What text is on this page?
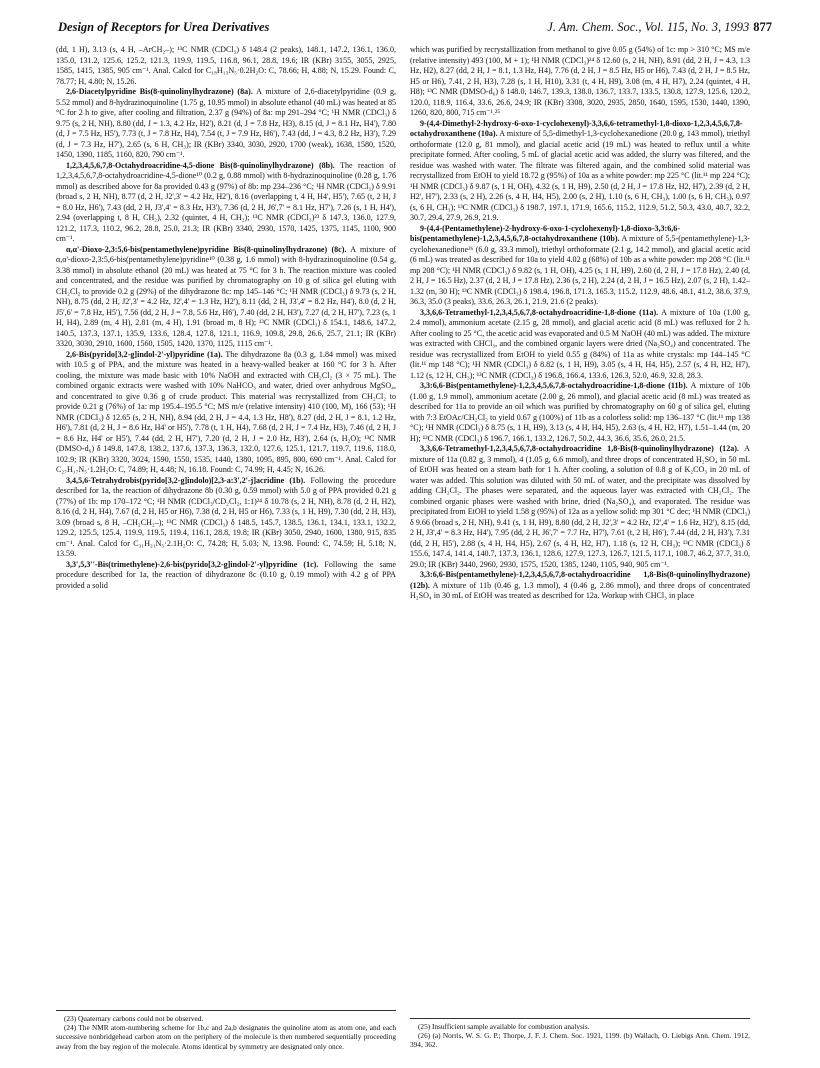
Design of Receptors for Urea Derivatives	J. Am. Chem. Soc., Vol. 115, No. 3, 1993 877

(dd, 1 H), 3.13 (s, 4 H, –ArCH₂–); ¹³C NMR (CDCl₃) δ 148.4 (2 peaks), 148.1, 147.2, 136.1, 136.0, 135.0, 131.2, 125.6, 125.2, 121.3, 119.9, 119.5, 116.8, 96.1, 28.8, 19.6; IR (KBr) 3155, 3055, 2925, 1585, 1415, 1385, 905 cm⁻¹. Anal. Calcd for C₁₈H₁₃N₅·0.2H₂O: C, 78.66; H, 4.88; N, 15.29. Found: C, 78.77; H, 4.80; N, 15.26.

2,6-Diacetylpyridine Bis(8-quinolinylhydrazone) (8a). A mixture of 2,6-diacetylpyridine (0.9 g, 5.52 mmol) and 8-hydrazinoquinoline (1.75 g, 10.95 mmol) in absolute ethanol (40 mL) was heated at 85 °C for 2 h to give, after cooling and filtration, 2.37 g (94%) of 8a: mp 291–294 °C; ¹H NMR (CDCl₃) δ 9.75 (s, 2 H, NH), 8.80 (dd, J = 1.3, 4.2 Hz, H2'), 8.21 (d, J = 7.8 Hz, H3), 8.15 (d, J = 8.1 Hz, H4'), 7.80 (d, J = 7.5 Hz, H5'), 7.73 (t, J = 7.8 Hz, H4), 7.54 (t, J = 7.9 Hz, H6'), 7.43 (dd, J = 4.3, 8.2 Hz, H3'), 7.29 (d, J = 7.3 Hz, H7'), 2.65 (s, 6 H, CH₃); IR (KBr) 3340, 3030, 2920, 1700 (weak), 1638, 1580, 1520, 1450, 1390, 1185, 1160, 820, 790 cm⁻¹.

1,2,3,4,5,6,7,8-Octahydroacridine-4,5-dione Bis(8-quinolinylhydrazone) (8b). The reaction of 1,2,3,4,5,6,7,8-octahydroacridine-4,5-dione¹⁰ (0.2 g, 0.88 mmol) with 8-hydrazinoquinoline (0.28 g, 1.76 mmol) as described above for 8a provided 0.43 g (97%) of 8b: mp 234–236 °C; ¹H NMR (CDCl₃) δ 9.91 (broad s, 2 H, NH), 8.77 (d, 2 H, J2',3' = 4.2 Hz, H2'), 8.16 (overlapping t, 4 H, H4', H5'), 7.65 (t, 2 H, J = 8.0 Hz, H6'), 7.43 (dd, 2 H, J3',4' = 8.3 Hz, H3'), 7.36 (d, 2 H, J6',7' = 8.1 Hz, H7'), 7.26 (s, 1 H, H4'), 2.94 (overlapping t, 8 H, CH₂), 2.32 (quintet, 4 H, CH₂); ¹³C NMR (CDCl₃)²³ δ 147.3, 136.0, 127.9, 121.2, 117.3, 110.2, 96.2, 28.8, 25.0, 21.3; IR (KBr) 3340, 2930, 1570, 1425, 1375, 1145, 1100, 900 cm⁻¹.

α,α'-Dioxo-2,3:5,6-bis(pentamethylene)pyridine Bis(8-quinolinylhydrazone) (8c). A mixture of α,α'-dioxo-2,3:5,6-bis(pentamethylene)pyridine¹⁰ (0.38 g, 1.6 mmol) with 8-hydrazinoquinoline (0.54 g, 3.38 mmol) in absolute ethanol (20 mL) was heated at 75 °C for 3 h. The reaction mixture was cooled and concentrated, and the residue was purified by chromatography on 10 g of silica gel eluting with CH₂Cl₂ to provide 0.2 g (29%) of the dihydrazone 8c: mp 145–146 °C; ¹H NMR (CDCl₃) δ 9.73 (s, 2 H, NH), 8.75 (dd, 2 H, J2',3' = 4.2 Hz, J2',4' = 1.3 Hz, H2'), 8.11 (dd, 2 H, J3',4' = 8.2 Hz, H4'), 8.0 (d, 2 H, J5',6' = 7.8 Hz, H5'), 7.56 (dd, 2 H, J = 7.8, 5.6 Hz, H6'), 7.40 (dd, 2 H, H3'), 7.27 (d, 2 H, H7'), 7.23 (s, 1 H, H4), 2.89 (m, 4 H), 2.81 (m, 4 H), 1.91 (broad m, 8 H); ¹³C NMR (CDCl₃) δ 154.1, 148.6, 147.2, 140.5, 137.3, 137.1, 135.9, 133.6, 128.4, 127.8, 121.1, 116.9, 109.8, 29.8, 26.6, 25.7, 21.1; IR (KBr) 3320, 3030, 2910, 1600, 1560, 1505, 1420, 1370, 1125, 1115 cm⁻¹.

2,6-Bis(pyrido[3,2-g]indol-2'-yl)pyridine (1a). The dihydrazone 8a (0.3 g, 1.84 mmol) was mixed with 10.5 g of PPA, and the mixture was heated in a heavy-walled beaker at 160 °C for 3 h. After cooling, the mixture was made basic with 10% NaOH and extracted with CH₂Cl₂ (3 × 75 mL). The combined organic extracts were washed with 10% NaHCO₃ and water, dried over anhydrous MgSO₄, and concentrated to give 0.36 g of crude product. This material was recrystallized from CH₂Cl₂ to provide 0.21 g (76%) of 1a: mp 195.4–195.5 °C; MS m/e (relative intensity) 410 (100, M), 166 (53); ¹H NMR (CDCl₃) δ 12.65 (s, 2 H, NH), 8.94 (dd, 2 H, J = 4.4, 1.3 Hz, H8'), 8.27 (dd, 2 H, J = 8.1, 1.2 Hz, H6'), 7.81 (d, 2 H, J = 8.6 Hz, H4' or H5'), 7.78 (t, 1 H, H4), 7.68 (d, 2 H, J = 7.4 Hz, H3), 7.46 (d, 2 H, J = 8.6 Hz, H4' or H5'), 7.44 (dd, 2 H, H7'), 7.20 (d, 2 H, J = 2.0 Hz, H3'), 2.64 (s, H₂O); ¹³C NMR (DMSO-d₆) δ 149.8, 147.8, 138.2, 137.6, 137.3, 136.3, 132.0, 127.6, 125.1, 121.7, 119.7, 119.6, 118.0, 102.9; IR (KBr) 3320, 3024, 1590, 1550, 1535, 1440, 1380, 1095, 895, 800, 690 cm⁻¹. Anal. Calcd for C₂₇H₁₇N₅·1.2H₂O: C, 74.89; H, 4.48; N, 16.18. Found: C, 74.99; H, 4.45; N, 16.26.

3,4,5,6-Tetrahydrobis(pyrido[3,2-g]indolo)[2,3-a:3',2'-j]acridine (1b). Following the procedure described for 1a, the reaction of dihydrazone 8b (0.30 g, 0.59 mmol) with 5.0 g of PPA provided 0.21 g (77%) of 1b: mp 170–172 °C; ¹H NMR (CDCl₃/CD₂Cl₂, 1:1)²⁴ δ 10.78 (s, 2 H, NH), 8.78 (d, 2 H, H2), 8.16 (d, 2 H, H4), 7.67 (d, 2 H, H5 or H6), 7.38 (d, 2 H, H5 or H6), 7.33 (s, 1 H, H9), 7.30 (dd, 2 H, H3), 3.09 (broad s, 8 H, –CH₂CH₂–); ¹³C NMR (CDCl₃) δ 148.5, 145.7, 138.5, 136.1, 134.1, 133.1, 132.2, 129.2, 125.5, 125.4, 119.9, 119.5, 119.4, 116.1, 28.8, 19.8; IR (KBr) 3050, 2940, 1600, 1380, 915, 835 cm⁻¹. Anal. Calcd for C₃₁H₂₁N₅·2.1H₂O: C, 74.28; H, 5.03; N, 13.98. Found: C, 74.59; H, 5.18; N, 13.59.

3,3',5,3''-Bis(trimethylene)-2,6-bis(pyrido[3,2-g]indol-2'-yl)pyridine (1c). Following the same procedure described for 1a, the reaction of dihydrazone 8c (0.10 g, 0.19 mmol) with 4.2 g of PPA provided a solid

(23) Quaternary carbons could not be observed.

(24) The NMR atom-numbering scheme for 1b,c and 2a,b designates the quinoline atom as atom one, and each successive nonbridgehead carbon atom on the periphery of the molecule is then numbered sequentially proceeding away from the bay region of the molecule. Atoms identical by symmetry are designated only once.

which was purified by recrystallization from methanol to give 0.05 g (54%) of 1c: mp > 310 °C; MS m/e (relative intensity) 493 (100, M + 1); ¹H NMR (CDCl₃)²⁴ δ 12.60 (s, 2 H, NH), 8.91 (dd, 2 H, J = 4.3, 1.3 Hz, H2), 8.27 (dd, 2 H, J = 8.1, 1.3 Hz, H4), 7.76 (d, 2 H, J = 8.5 Hz, H5 or H6), 7.43 (d, 2 H, J = 8.5 Hz, H5 or H6), 7.41, 2 H, H3), 7.28 (s, 1 H, H10), 3.31 (t, 4 H, H9), 3.08 (m, 4 H, H7), 2.24 (quintet, 4 H, H8); ¹³C NMR (DMSO-d₆) δ 148.0, 146.7, 139.3, 138.0, 136.7, 133.7, 133.5, 130.8, 127.9, 125.6, 120.2, 120.0, 118.9, 116.4, 33.6, 26.6, 24.9; IR (KBr) 3308, 3020, 2935, 2850, 1640, 1595, 1530, 1440, 1390, 1260, 820, 800, 715 cm⁻¹.²⁵

9-(4,4-Dimethyl-2-hydroxy-6-oxo-1-cyclohexenyl)-3,3,6,6-tetramethyl-1,8-dioxo-1,2,3,4,5,6,7,8-octahydroxanthene (10a). A mixture of 5,5-dimethyl-1,3-cyclohexanedione (20.0 g, 143 mmol), triethyl orthoformate (12.0 g, 81 mmol), and glacial acetic acid (19 mL) was heated to reflux until a white precipitate formed. After cooling, 5 mL of glacial acetic acid was added, the slurry was filtered, and the residue was washed with water. The filtrate was filtered again, and the combined solid material was recrystallized from EtOH to yield 18.72 g (95%) of 10a as a white powder: mp 225 °C (lit.¹¹ mp 224 °C); ¹H NMR (CDCl₃) δ 9.87 (s, 1 H, OH), 4.32 (s, 1 H, H9), 2.50 (d, 2 H, J = 17.8 Hz, H2, H7), 2.39 (d, 2 H, H2', H7'), 2.33 (s, 2 H), 2.26 (s, 4 H, H4, H5), 2.00 (s, 2 H), 1.10 (s, 6 H, CH₃), 1.00 (s, 6 H, CH₃), 0.97 (s, 6 H, CH₃); ¹³C NMR (CDCl₃) δ 198.7, 197.1, 171.9, 165.6, 115.2, 112.9, 51.2, 50.3, 43.0, 40.7, 32.2, 30.7, 29.4, 27.9, 26.9, 21.9.

9-(4,4-(Pentamethylene)-2-hydroxy-6-oxo-1-cyclohexenyl)-1,8-dioxo-3,3:6,6-bis(pentamethylene)-1,2,3,4,5,6,7,8-octahydroxanthene (10b). A mixture of 5,5-(pentamethylene)-1,3-cyclohexanedione²⁶ (6.0 g, 33.3 mmol), triethyl orthoformate (2.1 g, 14.2 mmol), and glacial acetic acid (6 mL) was treated as described for 10a to yield 4.02 g (68%) of 10b as a white powder: mp 208 °C (lit.¹¹ mp 208 °C); ¹H NMR (CDCl₃) δ 9.82 (s, 1 H, OH), 4.25 (s, 1 H, H9), 2.60 (d, 2 H, J = 17.8 Hz), 2.40 (d, 2 H, J = 16.5 Hz), 2.37 (d, 2 H, J = 17.8 Hz), 2.36 (s, 2 H), 2.24 (d, 2 H, J = 16.5 Hz), 2.07 (s, 2 H), 1.42–1.32 (m, 30 H); ¹³C NMR (CDCl₃) δ 198.4, 196.8, 171.3, 165.3, 115.2, 112.9, 48.6, 48.1, 41.2, 38.6, 37.9, 36.3, 35.0 (3 peaks), 33.6, 26.3, 26.1, 21.9, 21.6 (2 peaks).

3,3,6,6-Tetramethyl-1,2,3,4,5,6,7,8-octahydroacridine-1,8-dione (11a). A mixture of 10a (1.00 g, 2.4 mmol), ammonium acetate (2.15 g, 28 mmol), and glacial acetic acid (8 mL) was refluxed for 2 h. After cooling to 25 °C, the acetic acid was evaporated and 0.5 M NaOH (40 mL) was added. The mixture was extracted with CHCl₃, and the combined organic layers were dried (Na₂SO₄) and concentrated. The residue was recrystallized from EtOH to yield 0.55 g (84%) of 11a as white crystals: mp 144–145 °C (lit.¹¹ mp 148 °C); ¹H NMR (CDCl₃) δ 8.82 (s, 1 H, H9), 3.05 (s, 4 H, H4, H5), 2.57 (s, 4 H, H2, H7), 1.12 (s, 12 H, CH₃); ¹³C NMR (CDCl₃) δ 196.8, 166.4, 133.6, 126.3, 52.0, 46.9, 32.8, 28.3.

3,3:6,6-Bis(pentamethylene)-1,2,3,4,5,6,7,8-octahydroacridine-1,8-dione (11b). A mixture of 10b (1.00 g, 1.9 mmol), ammonium acetate (2.00 g, 26 mmol), and glacial acetic acid (8 mL) was treated as described for 11a to provide an oil which was purified by chromatography on 60 g of silica gel, eluting with 7:3 EtOAc/CH₂Cl₂ to yield 0.67 g (100%) of 11b as a colorless solid: mp 136–137 °C (lit.¹¹ mp 138 °C); ¹H NMR (CDCl₃) δ 8.75 (s, 1 H, H9), 3.13 (s, 4 H, H4, H5), 2.63 (s, 4 H, H2, H7), 1.51–1.44 (m, 20 H); ¹³C NMR (CDCl₃) δ 196.7, 166.1, 133.2, 126.7, 50.2, 44.3, 36.6, 35.6, 26.0, 21.5.

3,3,6,6-Tetramethyl-1,2,3,4,5,6,7,8-octahydroacridine 1,8-Bis(8-quinolinylhydrazone) (12a). A mixture of 11a (0.82 g, 3 mmol), 4 (1.05 g, 6.6 mmol), and three drops of concentrated H₂SO₄ in 50 mL of EtOH was heated on a steam bath for 1 h. After cooling, a solution of 0.8 g of K₂CO₃ in 20 mL of water was added. This solution was diluted with 50 mL of water, and the precipitate was dissolved by adding CH₂Cl₂. The phases were separated, and the aqueous layer was extracted with CH₂Cl₂. The combined organic phases were washed with brine, dried (Na₂SO₄), and evaporated. The residue was precipitated from EtOH to yield 1.58 g (95%) of 12a as a yellow solid: mp 301 °C dec; ¹H NMR (CDCl₃) δ 9.66 (broad s, 2 H, NH), 9.41 (s, 1 H, H9), 8.80 (dd, 2 H, J2',3' = 4.2 Hz, J2',4' = 1.6 Hz, H2'), 8.15 (dd, 2 H, J3',4' = 8.3 Hz, H4'), 7.95 (dd, 2 H, J6',7' = 7.7 Hz, H7'), 7.61 (t, 2 H, H6'), 7.44 (dd, 2 H, H3'), 7.31 (dd, 2 H, H5'), 2.88 (s, 4 H, H4, H5), 2.67 (s, 4 H, H2, H7), 1.18 (s, 12 H, CH₃); ¹³C NMR (CDCl₃) δ 155.6, 147.4, 141.4, 140.7, 137.3, 136.1, 128.6, 127.9, 127.3, 126.7, 121.5, 117.1, 108.7, 46.2, 37.7, 31.0, 29.0; IR (KBr) 3440, 2960, 2930, 1575, 1520, 1385, 1240, 1105, 940, 905 cm⁻¹.

3,3:6,6-Bis(pentamethylene)-1,2,3,4,5,6,7,8-octahydroacridine 1,8-Bis(8-quinolinylhydrazone) (12b). A mixture of 11b (0.46 g, 1.3 mmol), 4 (0.46 g, 2.86 mmol), and three drops of concentrated H₂SO₄ in 30 mL of EtOH was treated as described for 12a. Workup with CHCl₃ in place

(25) Insufficient sample available for combustion analysis.

(26) (a) Norris, W. S. G. P.; Thorpe, J. F. J. Chem. Soc. 1921, 1199. (b) Wallach, O. Liebigs Ann. Chem. 1912, 394, 362.
